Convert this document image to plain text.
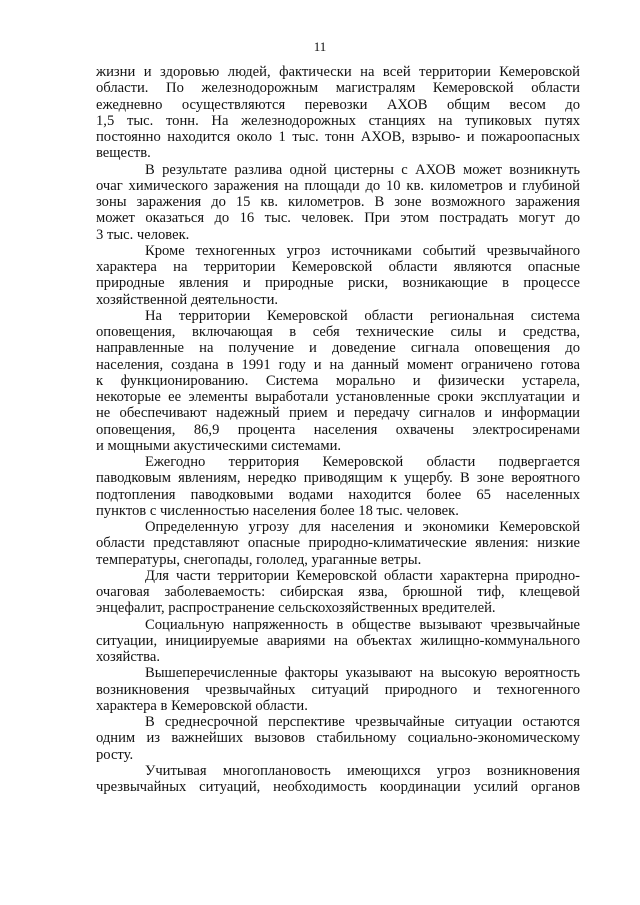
11

жизни и здоровью людей, фактически на всей территории Кемеровской
области. По железнодорожным магистралям Кемеровской области
ежедневно осуществляются перевозки АХОВ общим весом до
1,5 тыс. тонн. На железнодорожных станциях на тупиковых путях
постоянно находится около 1 тыс. тонн АХОВ, взрыво- и пожароопасных
веществ.

В результате разлива одной цистерны с АХОВ может возникнуть
очаг химического заражения на площади до 10 кв. километров и глубиной
зоны заражения до 15 кв. километров. В зоне возможного заражения
может оказаться до 16 тыс. человек. При этом пострадать могут до
3 тыс. человек.

Кроме техногенных угроз источниками событий чрезвычайного
характера на территории Кемеровской области являются опасные
природные явления и природные риски, возникающие в процессе
хозяйственной деятельности.

На территории Кемеровской области региональная система
оповещения, включающая в себя технические силы и средства,
направленные на получение и доведение сигнала оповещения до
населения, создана в 1991 году и на данный момент ограничено готова
к функционированию. Система морально и физически устарела,
некоторые ее элементы выработали установленные сроки эксплуатации и
не обеспечивают надежный прием и передачу сигналов и информации
оповещения, 86,9 процента населения охвачены электросиренами
и мощными акустическими системами.

Ежегодно территория Кемеровской области подвергается
паводковым явлениям, нередко приводящим к ущербу. В зоне вероятного
подтопления паводковыми водами находится более 65 населенных
пунктов с численностью населения более 18 тыс. человек.

Определенную угрозу для населения и экономики Кемеровской
области представляют опасные природно-климатические явления: низкие
температуры, снегопады, гололед, ураганные ветры.

Для части территории Кемеровской области характерна природно-
очаговая заболеваемость: сибирская язва, брюшной тиф, клещевой
энцефалит, распространение сельскохозяйственных вредителей.

Социальную напряженность в обществе вызывают чрезвычайные
ситуации, инициируемые авариями на объектах жилищно-коммунального
хозяйства.

Вышеперечисленные факторы указывают на высокую вероятность
возникновения чрезвычайных ситуаций природного и техногенного
характера в Кемеровской области.

В среднесрочной перспективе чрезвычайные ситуации остаются
одним из важнейших вызовов стабильному социально-экономическому
росту.

Учитывая многоплановость имеющихся угроз возникновения
чрезвычайных ситуаций, необходимость координации усилий органов
